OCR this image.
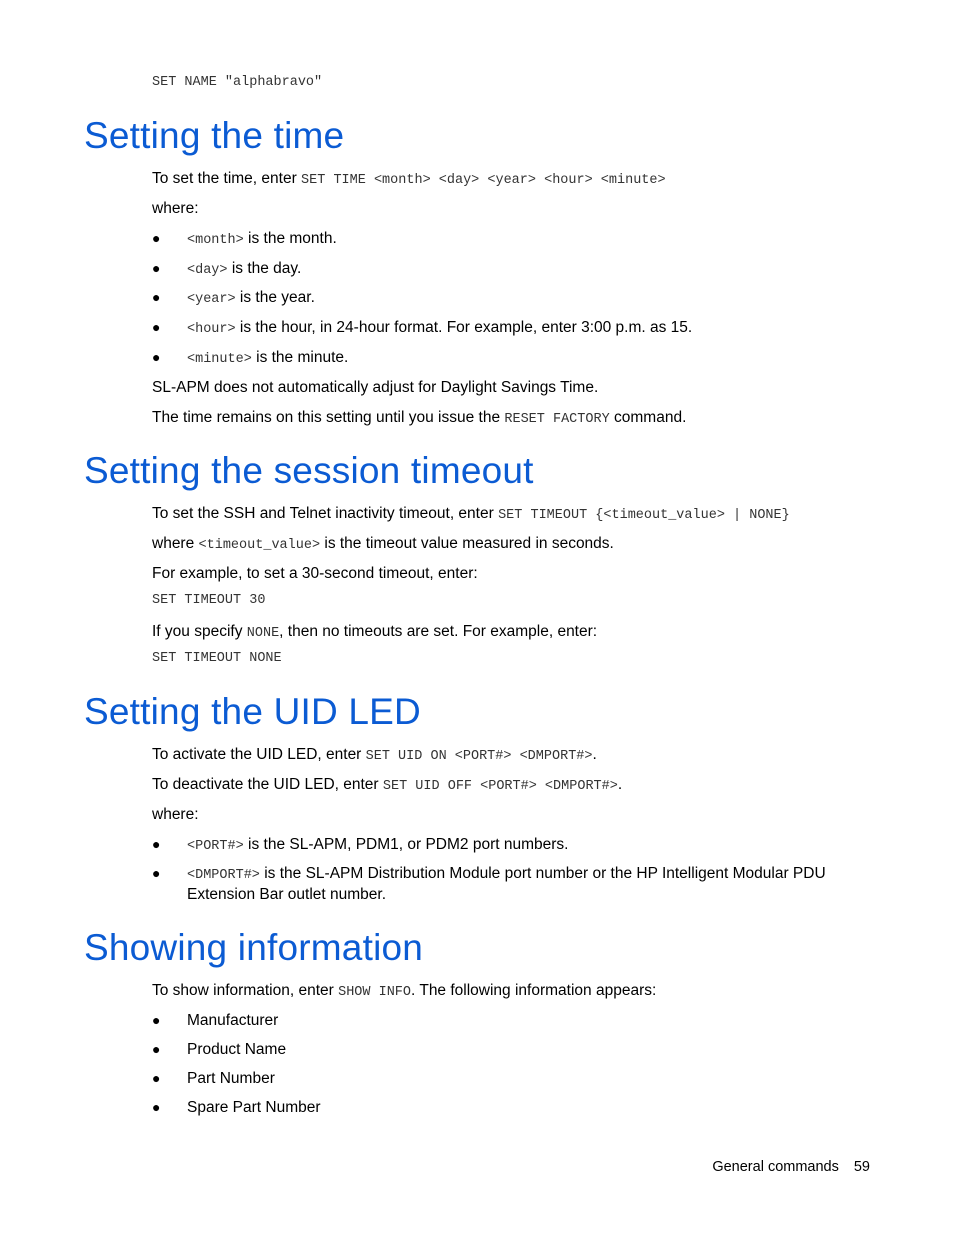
SET NAME "alphabravo"
Setting the time
To set the time, enter SET TIME <month> <day> <year> <hour> <minute>
where:
● <month> is the month.
● <day> is the day.
● <year> is the year.
● <hour> is the hour, in 24-hour format. For example, enter 3:00 p.m. as 15.
● <minute> is the minute.
SL-APM does not automatically adjust for Daylight Savings Time.
The time remains on this setting until you issue the RESET FACTORY command.
Setting the session timeout
To set the SSH and Telnet inactivity timeout, enter SET TIMEOUT {<timeout_value> | NONE}
where <timeout_value> is the timeout value measured in seconds.
For example, to set a 30-second timeout, enter:
SET TIMEOUT 30
If you specify NONE, then no timeouts are set. For example, enter:
SET TIMEOUT NONE
Setting the UID LED
To activate the UID LED, enter SET UID ON <PORT#> <DMPORT#>.
To deactivate the UID LED, enter SET UID OFF <PORT#> <DMPORT#>.
where:
● <PORT#> is the SL-APM, PDM1, or PDM2 port numbers.
● <DMPORT#> is the SL-APM Distribution Module port number or the HP Intelligent Modular PDU
Extension Bar outlet number.
Showing information
To show information, enter SHOW INFO. The following information appears:
● Manufacturer
● Product Name
● Part Number
● Spare Part Number
General commands 59
